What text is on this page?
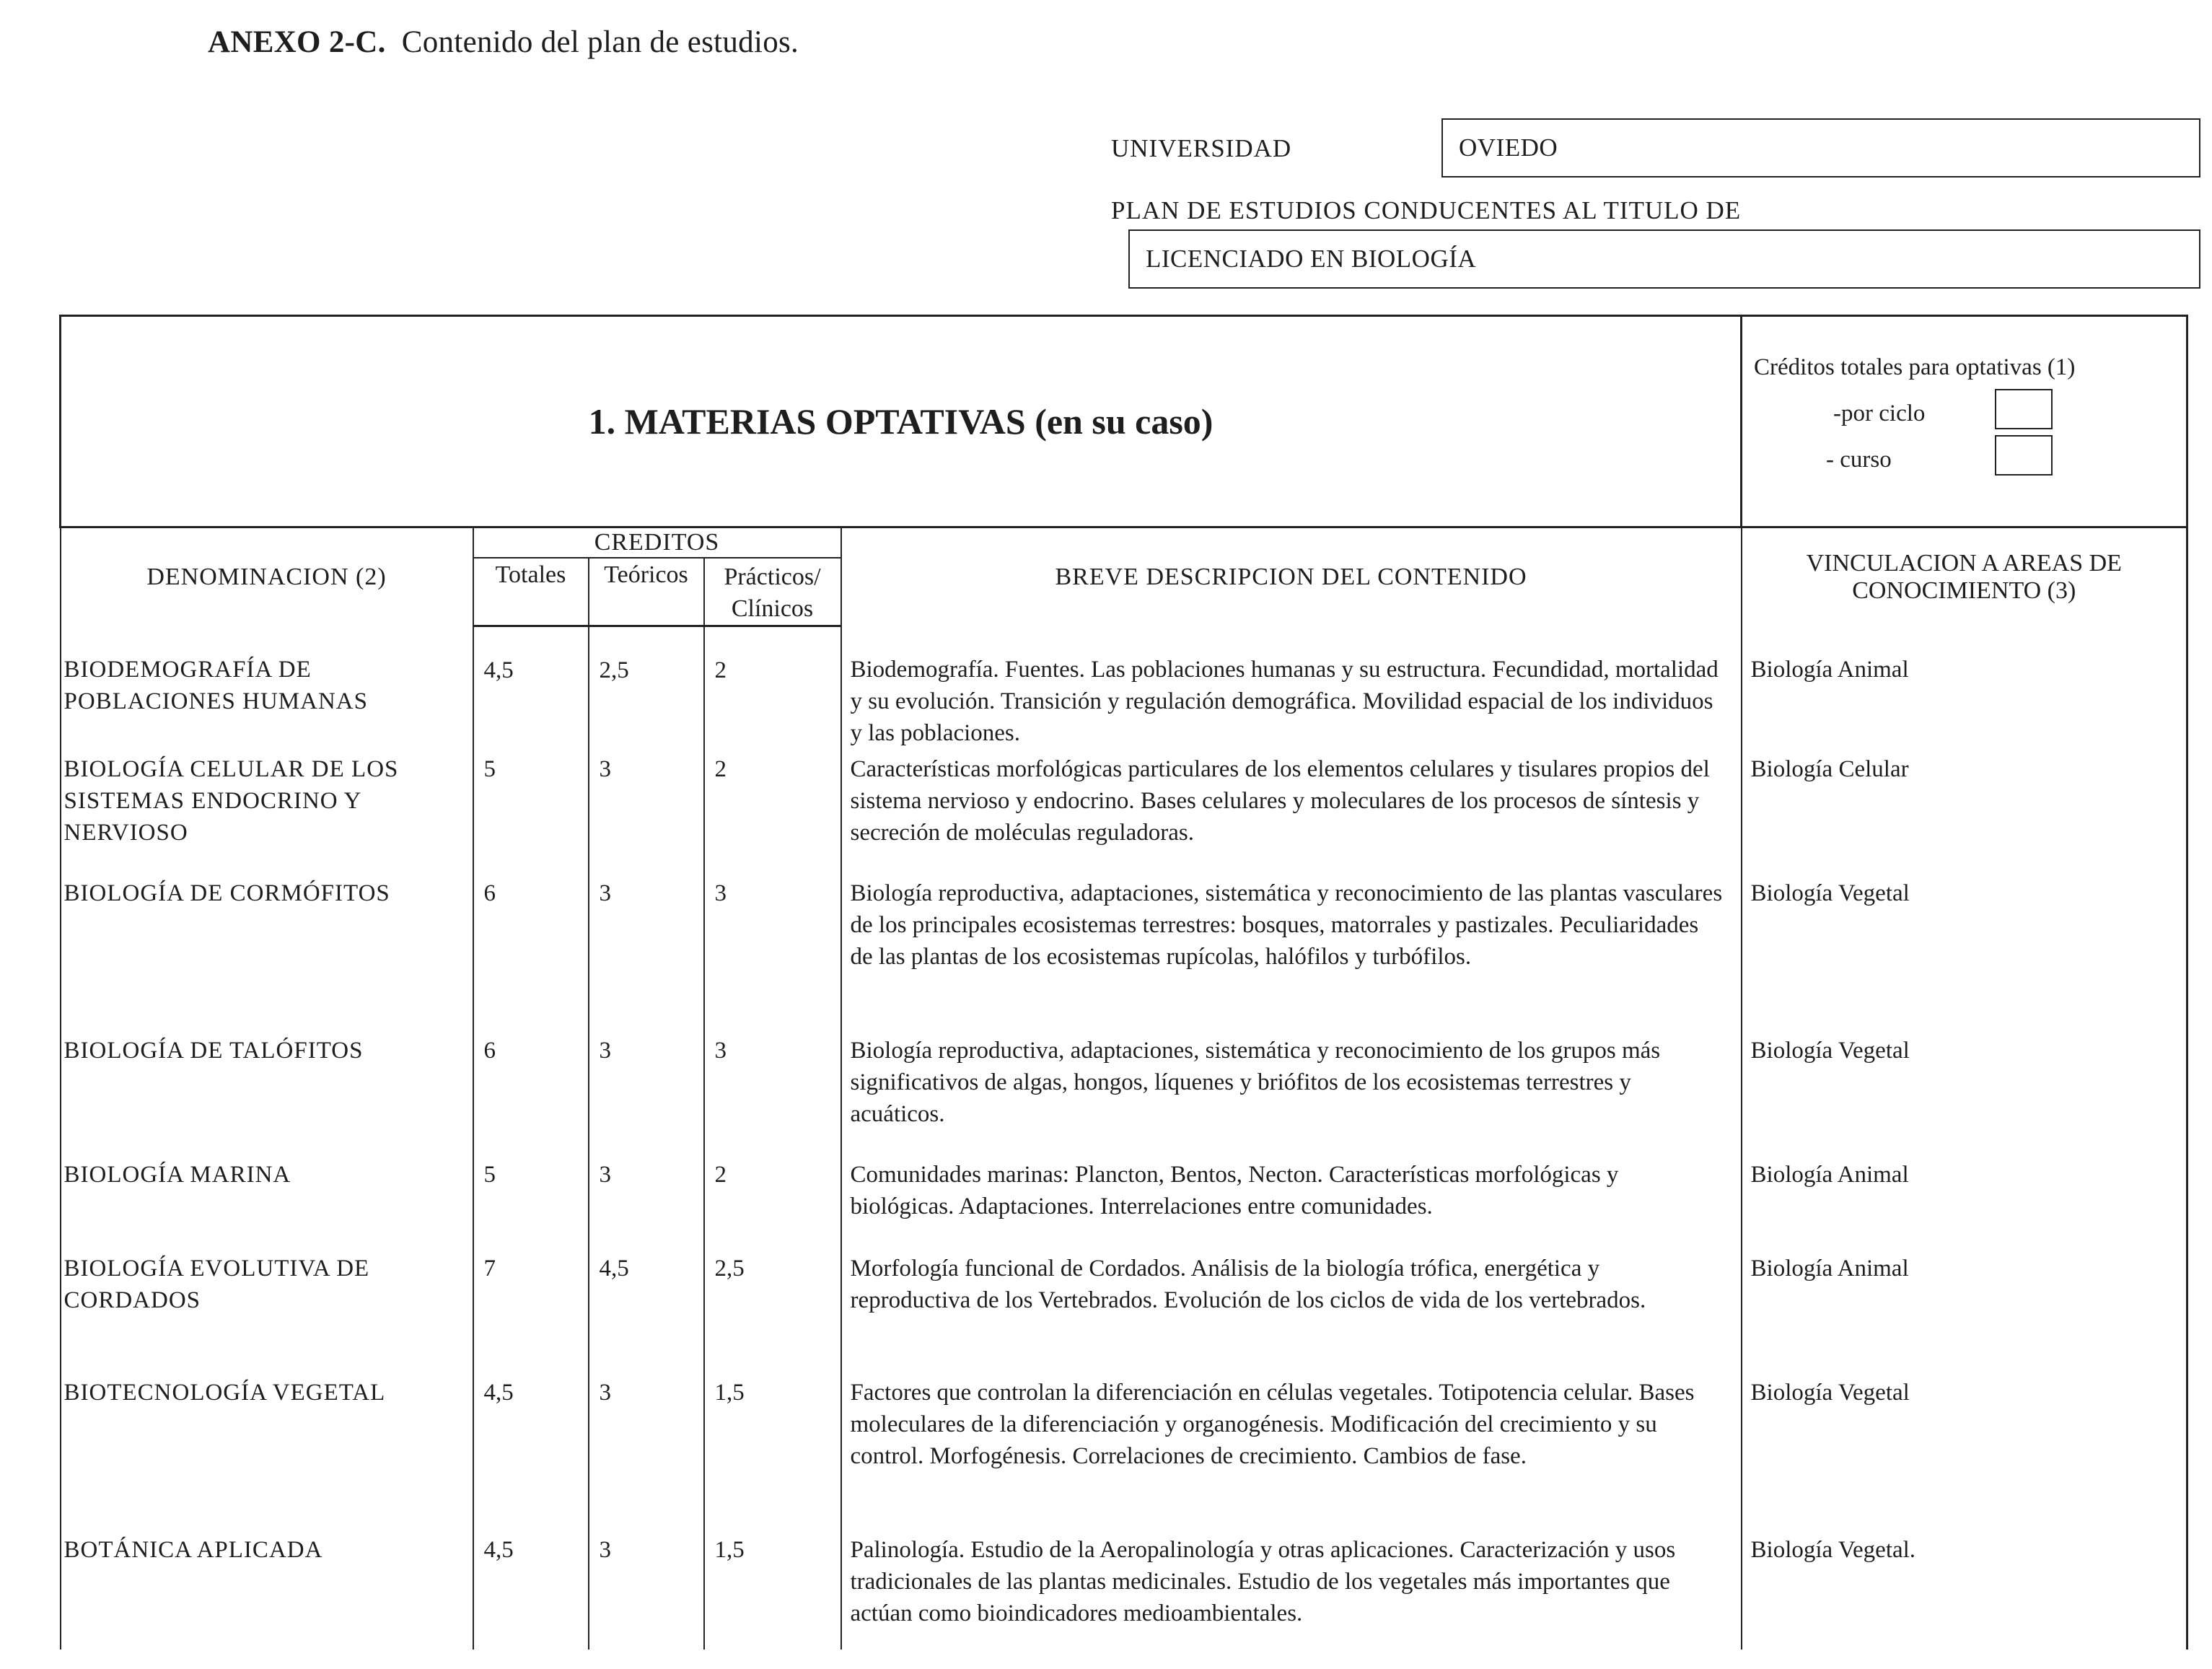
ANEXO 2-C. Contenido del plan de estudios.
UNIVERSIDAD	OVIEDO
PLAN DE ESTUDIOS CONDUCENTES AL TITULO DE
LICENCIADO EN BIOLOGÍA
1. MATERIAS OPTATIVAS (en su caso)					Créditos totales para optativas (1)
-por ciclo
- curso

DENOMINACION (2)	CREDITOS			BREVE DESCRIPCION DEL CONTENIDO	VINCULACION A AREAS DE CONOCIMIENTO (3)
	Totales	Teóricos	Prácticos/ Clínicos		
BIODEMOGRAFÍA DE POBLACIONES HUMANAS	4,5	2,5	2	Biodemografía. Fuentes. Las poblaciones humanas y su estructura. Fecundidad, mortalidad y su evolución. Transición y regulación demográfica. Movilidad espacial de los individuos y las poblaciones.	Biología Animal
BIOLOGÍA CELULAR DE LOS SISTEMAS ENDOCRINO Y NERVIOSO	5	3	2	Características morfológicas particulares de los elementos celulares y tisulares propios del sistema nervioso y endocrino. Bases celulares y moleculares de los procesos de síntesis y secreción de moléculas reguladoras.	Biología Celular
BIOLOGÍA DE CORMÓFITOS	6	3	3	Biología reproductiva, adaptaciones, sistemática y reconocimiento de las plantas vasculares de los principales ecosistemas terrestres: bosques, matorrales y pastizales. Peculiaridades de las plantas de los ecosistemas rupícolas, halófilos y turbófilos.	Biología Vegetal
BIOLOGÍA DE TALÓFITOS	6	3	3	Biología reproductiva, adaptaciones, sistemática y reconocimiento de los grupos más significativos de algas, hongos, líquenes y briófitos de los ecosistemas terrestres y acuáticos.	Biología Vegetal
BIOLOGÍA MARINA	5	3	2	Comunidades marinas: Plancton, Bentos, Necton. Características morfológicas y biológicas. Adaptaciones. Interrelaciones entre comunidades.	Biología Animal
BIOLOGÍA EVOLUTIVA DE CORDADOS	7	4,5	2,5	Morfología funcional de Cordados. Análisis de la biología trófica, energética y reproductiva de los Vertebrados. Evolución de los ciclos de vida de los vertebrados.	Biología Animal
BIOTECNOLOGÍA VEGETAL	4,5	3	1,5	Factores que controlan la diferenciación en células vegetales. Totipotencia celular. Bases moleculares de la diferenciación y organogénesis. Modificación del crecimiento y su control. Morfogénesis. Correlaciones de crecimiento. Cambios de fase.	Biología Vegetal
BOTÁNICA APLICADA	4,5	3	1,5	Palinología. Estudio de la Aeropalinología y otras aplicaciones. Caracterización y usos tradicionales de las plantas medicinales. Estudio de los vegetales más importantes que actúan como bioindicadores medioambientales.	Biología Vegetal.
